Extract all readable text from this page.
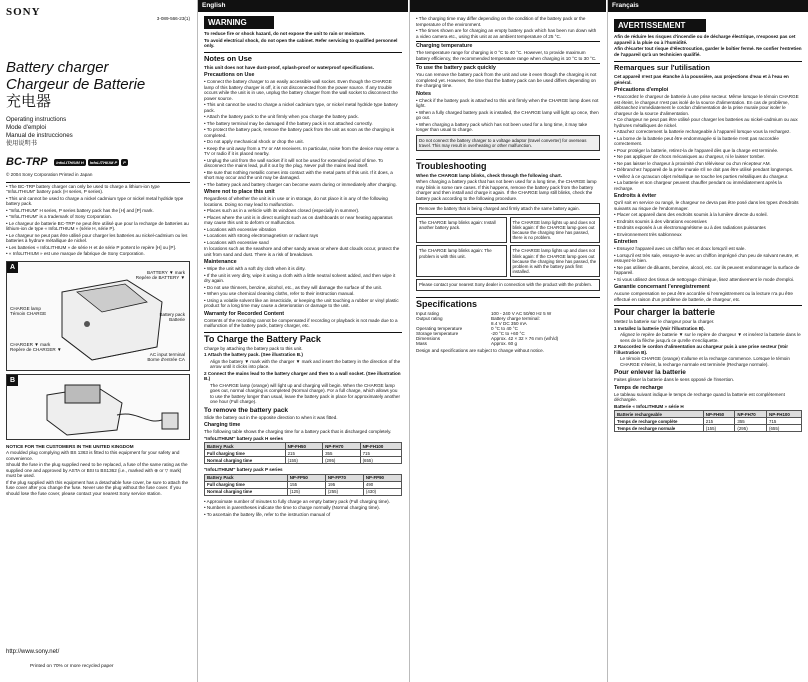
SONY
3-089-566-23(1)
Battery charger
Chargeur de Batterie
充电器
Operating instructions
Mode d'emploi
Manual de instrucciones
使用说明书
BC-TRP	InfoLITHIUM H	InfoLITHIUM P	P
© 2004 Sony Corporation Printed in Japan
• The BC-TRP battery charger can only be used to charge a lithium-ion type "InfoLITHIUM" battery pack (H series, P series).
• This unit cannot be used to charge a nickel cadmium type or nickel metal hydride type battery pack.
• "InfoLITHIUM" H series, P series battery pack has the [H] and [P] mark.
• "InfoLITHIUM" is a trademark of Sony Corporation.
• Le chargeur de batterie BC-TRP ne peut être utilisé que pour la recharge de batteries au lithium-ion de type « InfoLITHIUM » (série H, série P).
• Le chargeur ne peut pas être utilisé pour charger les batteries au nickel-cadmium ou les batteries à hydrure métallique de nickel.
• Les batteries « InfoLITHIUM » de série H et de série P portent le repère [H] ou [P].
• « InfoLITHIUM » est une marque de fabrique de Sony Corporation.
A
BATTERY ▼ mark
Repère de BATTERY ▼
CHARGE lamp
Témoin CHARGE	Battery pack
Batterie
CHARGER ▼ mark
Repère de CHARGER ▼
AC input terminal
Borne d'entrée CA
B
NOTICE FOR THE CUSTOMERS IN THE UNITED KINGDOM
A moulded plug complying with BS 1363 is fitted to this equipment for your safety and convenience.
Should the fuse in the plug supplied need to be replaced, a fuse of the same rating as the supplied one and approved by ASTA or BSI to BS1362 (i.e., marked with ⊕ or ▽ mark) must be used.
If the plug supplied with this equipment has a detachable fuse cover, be sure to attach the fuse cover after you change the fuse. Never use the plug without the fuse cover. If you should lose the fuse cover, please contact your nearest Sony service station.
http://www.sony.net/
Printed on 70% or more recycled paper
English
WARNING
To reduce fire or shock hazard, do not expose the unit to rain or moisture.
To avoid electrical shock, do not open the cabinet. Refer servicing to qualified personnel only.
Notes on Use
This unit does not have dust-proof, splash-proof or waterproof specifications.
Precautions on Use
• Connect the battery charger to an easily accessible wall socket. Even though the CHARGE lamp of this battery charger is off, it is not disconnected from the power source. If any trouble occurs while the unit is in use, unplug the battery charger from the wall socket to disconnect the power source.
• This unit cannot be used to charge a nickel cadmium type, or nickel metal hydride type battery pack.
• Attach the battery pack to the unit firmly when you charge the battery pack.
• The battery terminal may be damaged if the battery pack is not attached correctly.
• To protect the battery pack, remove the battery pack from the unit as soon as the charging is completed.
• Do not apply mechanical shock or drop the unit.
• Keep the unit away from a TV or AM receivers. In particular, noise from the device may enter a TV or radio if it is placed nearby.
• Unplug the unit from the wall socket if it will not be used for extended period of time. To disconnect the mains lead, pull it out by the plug. Never pull the mains lead itself.
• Be sure that nothing metallic comes into contact with the metal parts of this unit. If it does, a short may occur and the unit may be damaged.
• The battery pack and battery charger can become warm during or immediately after charging.
Where not to place this unit
Regardless of whether the unit is in use or in storage, do not place it in any of the following locations. Doing so may lead to malfunction.
• Places such as in a vehicle with its windows closed (especially in summer).
• Places where the unit is in direct sunlight such as on dashboards or near heating apparatus may cause this unit to deform or malfunction.
• Locations with excessive vibration
• Locations with strong electromagnetism or radiant rays
• Locations with excessive sand
In locations such as the seashore and other sandy areas or where dust clouds occur, protect the unit from sand and dust. There is a risk of breakdown.
Maintenance
• Wipe the unit with a soft dry cloth when it is dirty.
• If the unit is very dirty, wipe it using a cloth with a little neutral solvent added, and then wipe it dry again.
• Do not use thinners, benzine, alcohol, etc., as they will damage the surface of the unit.
• When you use chemical cleaning cloths, refer to their instruction manual.
• Using a volatile solvent like an insecticide, or keeping the unit touching a rubber or vinyl plastic product for a long time may cause a deterioration or damage to the unit.
Warranty for Recorded Content
Contents of the recording cannot be compensated if recording or playback is not made due to a malfunction of the battery pack, battery charger, etc.
To Charge the Battery Pack
Charge by attaching the battery pack to this unit.
1 Attach the battery pack. (See illustration B.)
Align the battery ▼ mark with the charger ▼ mark and insert the battery in the direction of the arrow until it clicks into place.
2 Connect the mains lead to the battery charger and then to a wall socket. (See illustration B.)
The CHARGE lamp (orange) will light up and charging will begin. When the CHARGE lamp goes out, normal charging is completed (Normal charge). For a full charge, which allows you to use the battery longer than usual, leave the battery pack in place for approximately another one hour (Full charge).
To remove the battery pack
Slide the battery out in the opposite direction to when it was fitted.
Charging time
The following table shows the charging time for a battery pack that is discharged completely.
"InfoLITHIUM" battery pack H series
Battery Pack	NP-FH50	NP-FH70	NP-FH100
Full charging time	215	355	715
Normal charging time	(155)	(295)	(655)
"InfoLITHIUM" battery pack P series
Battery Pack	NP-FP50	NP-FP70	NP-FP90
Full charging time	155	195	490
Normal charging time	(125)	(255)	(430)
• Approximate number of minutes to fully charge an empty battery pack (Full charging time).
• Numbers in parentheses indicate the time to charge normally (Normal charging time).
• To ascertain the battery life, refer to the instruction manual of
• The charging time may differ depending on the condition of the battery pack or the temperature of the environment.
• The times shown are for charging an empty battery pack which has been run down with a video camera etc., using this unit at an ambient temperature of 25 °C.
Charging temperature
The temperature range for charging is 0 °C to 40 °C. However, to provide maximum battery efficiency, the recommended temperature range when charging is 10 °C to 30 °C.
To use the battery pack quickly
You can remove the battery pack from the unit and use it even though the charging is not completed yet. However, the time that the battery pack can be used differs depending on the charging time.
Notes
• Check if the battery pack is attached to this unit firmly when the CHARGE lamp does not light.
• When a fully charged battery pack is installed, the CHARGE lamp will light up once, then go out.
• When charging a battery pack which has not been used for a long time, it may take longer than usual to charge.
Do not connect the battery charger to a voltage adaptor (travel converter) for overseas travel. This may result in overheating or other malfunction.
Troubleshooting
When the CHARGE lamp blinks, check through the following chart.
When charging a battery pack that has not been used for a long time, the CHARGE lamp may blink in some rare cases. If this happens, remove the battery pack from the battery charger and then install and charge it again. If the CHARGE lamp still blinks, check the battery pack according to the following procedure.
Remove the battery that is being charged and firmly attach the same battery again.
The CHARGE lamp blinks again: Install another battery pack.
The CHARGE lamp lights up and does not blink again: If the CHARGE lamp goes out because the charging time has passed, there is no problem.
The CHARGE lamp blinks again: The problem is with this unit.
The CHARGE lamp lights up and does not blink again: If the CHARGE lamp goes out because the charging time has passed, the problem is with the battery pack first installed.
Please contact your nearest Sony dealer in connection with the product with the problem.
Specifications
Input rating	100 - 240 V AC 50/60 Hz 5 W
Output rating	Battery charge terminal:
	8.4 V DC 350 mA
Operating temperature	0 °C to 40 °C
Storage temperature	-20 °C to +60 °C
Dimensions	Approx. 42 × 32 × 76 mm (w/h/d)
Mass	Approx. 60 g
Design and specifications are subject to change without notice.
Français
AVERTISSEMENT
Afin de réduire les risques d'incendie ou de décharge électrique, n'exposez pas cet appareil à la pluie ou à l'humidité.
Afin d'écarter tout risque d'électrocution, garder le boîtier fermé. Ne confier l'entretien de l'appareil qu'à un technicien qualifié.
Remarques sur l'utilisation
Cet appareil n'est pas étanche à la poussière, aux projections d'eau et à l'eau en général.
Précautions d'emploi
• Raccordez le chargeur de batterie à une prise secteur. Même lorsque le témoin CHARGE est éteint, le chargeur n'est pas isolé de la source d'alimentation. En cas de problème, débranchez immédiatement le cordon d'alimentation de la prise murale pour isoler le chargeur de la source d'alimentation.
• Ce chargeur ne peut pas être utilisé pour charger les batteries au nickel-cadmium ou aux hydrures métalliques de nickel.
• Attachez correctement la batterie rechargeable à l'appareil lorsque vous la rechargez.
• La borne de la batterie peut être endommagée si la batterie n'est pas raccordée correctement.
• Pour protéger la batterie, retirez-la de l'appareil dès que la charge est terminée.
• Ne pas appliquer de chocs mécaniques au chargeur, ni le laisser tomber.
• Ne pas laisser le chargeur à proximité d'un téléviseur ou d'un récepteur AM.
• Débranchez l'appareil de la prise murale s'il ne doit pas être utilisé pendant longtemps.
• Veillez à ce qu'aucun objet métallique ne touche les parties métalliques du chargeur.
• La batterie et son chargeur peuvent chauffer pendant ou immédiatement après la recharge.
Endroits à éviter
Qu'il soit en service ou rangé, le chargeur ne devra pas être posé dans les types d'endroits suivants au risque de l'endommager.
• Placer cet appareil dans des endroits soumis à la lumière directe du soleil.
• Endroits soumis à des vibrations excessives
• Endroits exposés à un électromagnétisme ou à des radiations puissantes
• Environnement très sablonneux
Entretien
• Essuyez l'appareil avec un chiffon sec et doux lorsqu'il est sale.
• Lorsqu'il est très sale, essuyez-le avec un chiffon imprégné d'un peu de solvant neutre, et essuyez-le bien.
• Ne pas utiliser de diluants, benzine, alcool, etc. car ils peuvent endommager la surface de l'appareil.
• Si vous utilisez des tissus de nettoyage chimique, lisez attentivement le mode d'emploi.
Garantie concernant l'enregistrement
Aucune compensation ne peut être accordée si l'enregistrement ou la lecture n'a pu être effectué en raison d'un problème de batterie, de chargeur, etc.
Pour charger la batterie
Mettez la batterie sur le chargeur pour la charger.
1 Installez la batterie (Voir l'illustration B).
Alignez le repère de batterie ▼ sur le repère de chargeur ▼ et insérez la batterie dans le sens de la flèche jusqu'à ce qu'elle s'encliquette.
2 Raccordez le cordon d'alimentation au chargeur puis à une prise secteur (Voir l'illustration B).
Le témoin CHARGE (orange) s'allume et la recharge commence. Lorsque le témoin CHARGE s'éteint, la recharge normale est terminée (Recharge normale).
Pour enlever la batterie
Faites glisser la batterie dans le sens opposé de l'insertion.
Temps de recharge
Le tableau suivant indique le temps de recharge quand la batterie est complètement déchargée.
Batterie « InfoLITHIUM » série H
Batterie rechargeable	NP-FH50	NP-FH70	NP-FH100
Temps de recharge complète	215	355	715
Temps de recharge normale	(155)	(295)	(655)
